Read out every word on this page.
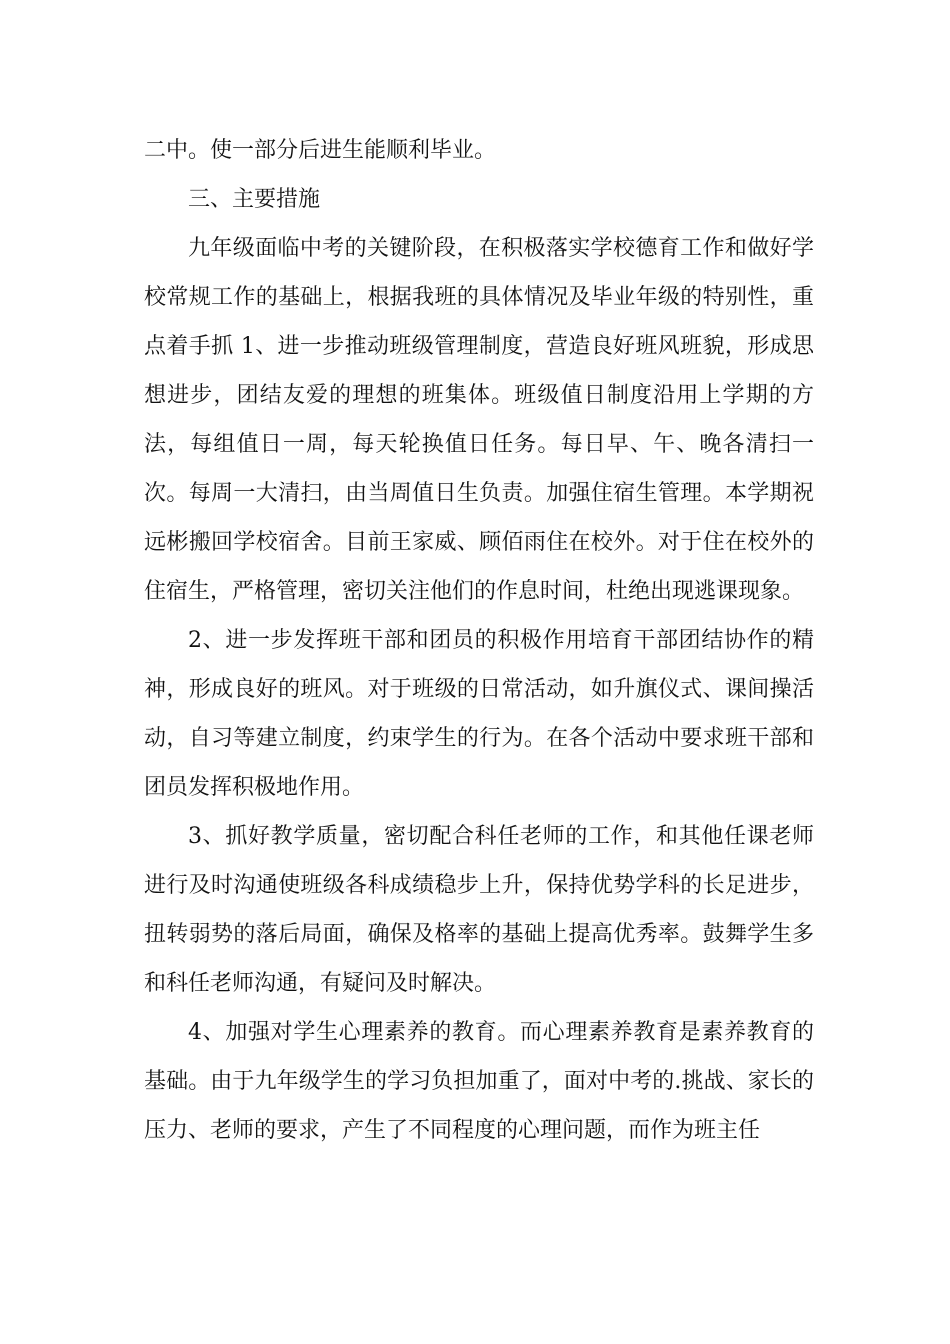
二中。使一部分后进生能顺利毕业。

三、主要措施

九年级面临中考的关键阶段，在积极落实学校德育工作和做好学校常规工作的基础上，根据我班的具体情况及毕业年级的特别性，重点着手抓 1、进一步推动班级管理制度，营造良好班风班貌，形成思想进步，团结友爱的理想的班集体。班级值日制度沿用上学期的方法，每组值日一周，每天轮换值日任务。每日早、午、晚各清扫一次。每周一大清扫，由当周值日生负责。加强住宿生管理。本学期祝远彬搬回学校宿舍。目前王家威、顾佰雨住在校外。对于住在校外的住宿生，严格管理，密切关注他们的作息时间，杜绝出现逃课现象。

2、进一步发挥班干部和团员的积极作用培育干部团结协作的精神，形成良好的班风。对于班级的日常活动，如升旗仪式、课间操活动，自习等建立制度，约束学生的行为。在各个活动中要求班干部和团员发挥积极地作用。

3、抓好教学质量，密切配合科任老师的工作，和其他任课老师进行及时沟通使班级各科成绩稳步上升，保持优势学科的长足进步，扭转弱势的落后局面，确保及格率的基础上提高优秀率。鼓舞学生多和科任老师沟通，有疑问及时解决。

4、加强对学生心理素养的教育。而心理素养教育是素养教育的基础。由于九年级学生的学习负担加重了，面对中考的.挑战、家长的压力、老师的要求，产生了不同程度的心理问题，而作为班主任
